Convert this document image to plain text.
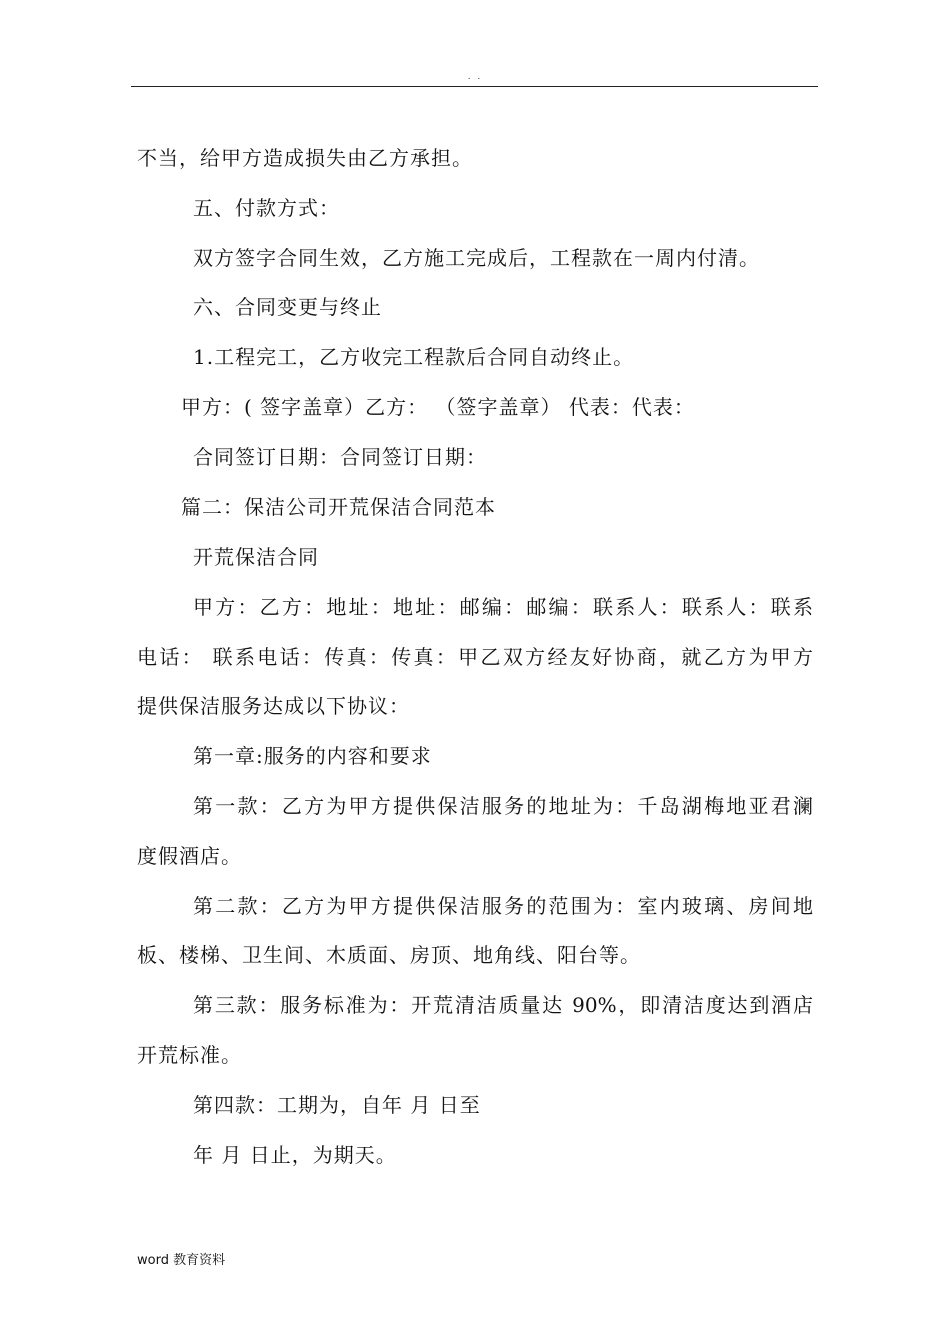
. .
不当，给甲方造成损失由乙方承担。
五、付款方式：
双方签字合同生效，乙方施工完成后，工程款在一周内付清。
六、合同变更与终止
1.工程完工，乙方收完工程款后合同自动终止。
甲方：( 签字盖章）乙方： （签字盖章） 代表：代表：
合同签订日期：合同签订日期：
篇二：保洁公司开荒保洁合同范本
开荒保洁合同
甲方：乙方：地址：地址：邮编：邮编：联系人：联系人：联系
电话： 联系电话：传真：传真：甲乙双方经友好协商，就乙方为甲方
提供保洁服务达成以下协议：
第一章:服务的内容和要求
第一款：乙方为甲方提供保洁服务的地址为：千岛湖梅地亚君澜
度假酒店。
第二款：乙方为甲方提供保洁服务的范围为：室内玻璃、房间地
板、楼梯、卫生间、木质面、房顶、地角线、阳台等。
第三款：服务标准为：开荒清洁质量达 90%，即清洁度达到酒店
开荒标准。
第四款：工期为，自年 月 日至
年 月 日止，为期天。
word 教育资料
